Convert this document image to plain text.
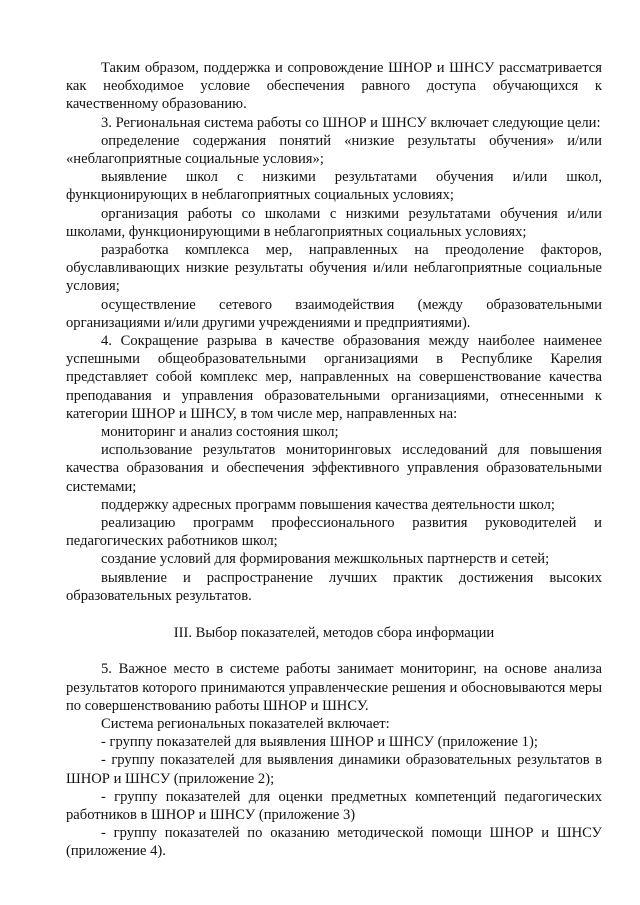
Таким образом, поддержка и сопровождение ШНОР и ШНСУ рассматривается как необходимое условие обеспечения равного доступа обучающихся к качественному образованию.

3. Региональная система работы со ШНОР и ШНСУ включает следующие цели:

определение содержания понятий «низкие результаты обучения» и/или «неблагоприятные социальные условия»;

выявление школ с низкими результатами обучения и/или школ, функционирующих в неблагоприятных социальных условиях;

организация работы со школами с низкими результатами обучения и/или школами, функционирующими в неблагоприятных социальных условиях;

разработка комплекса мер, направленных на преодоление факторов, обуславливающих низкие результаты обучения и/или неблагоприятные социальные условия;

осуществление сетевого взаимодействия (между образовательными организациями и/или другими учреждениями и предприятиями).

4. Сокращение разрыва в качестве образования между наиболее наименее успешными общеобразовательными организациями в Республике Карелия представляет собой комплекс мер, направленных на совершенствование качества преподавания и управления образовательными организациями, отнесенными к категории ШНОР и ШНСУ, в том числе мер, направленных на:

мониторинг и анализ состояния школ;

использование результатов мониторинговых исследований для повышения качества образования и обеспечения эффективного управления образовательными системами;

поддержку адресных программ повышения качества деятельности школ;

реализацию программ профессионального развития руководителей и педагогических работников школ;

создание условий для формирования межшкольных партнерств и сетей;

выявление и распространение лучших практик достижения высоких образовательных результатов.

III. Выбор показателей, методов сбора информации

5. Важное место в системе работы занимает мониторинг, на основе анализа результатов которого принимаются управленческие решения и обосновываются меры по совершенствованию работы ШНОР и ШНСУ.

Система региональных показателей включает:

- группу показателей для выявления ШНОР и ШНСУ (приложение 1);

- группу показателей для выявления динамики образовательных результатов в ШНОР и ШНСУ (приложение 2);

- группу показателей для оценки предметных компетенций педагогических работников в ШНОР и ШНСУ (приложение 3)

- группу показателей по оказанию методической помощи ШНОР и ШНСУ (приложение 4).
